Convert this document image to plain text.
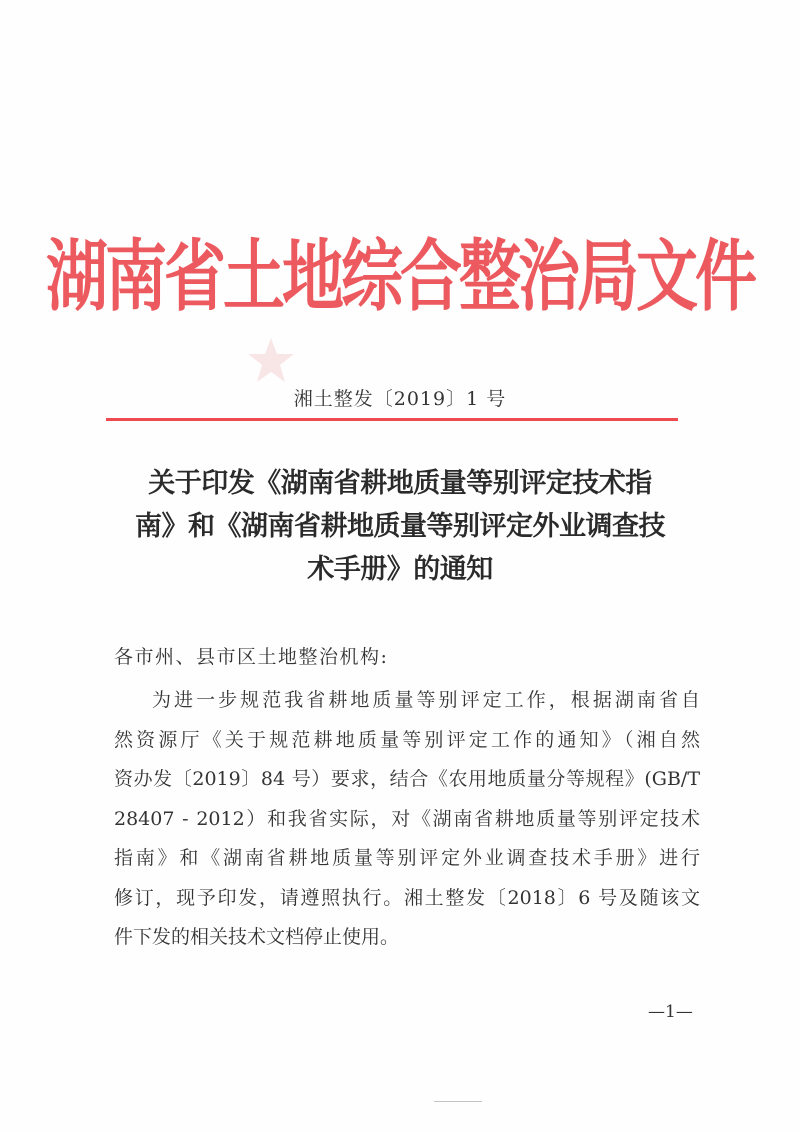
湖南省土地综合整治局文件
湘土整发〔2019〕1 号
关于印发《湖南省耕地质量等别评定技术指
南》和《湖南省耕地质量等别评定外业调查技
术手册》的通知
各市州、县市区土地整治机构:
为进一步规范我省耕地质量等别评定工作，根据湖南省自
然资源厅《关于规范耕地质量等别评定工作的通知》（湘自然
资办发〔2019〕84 号）要求，结合《农用地质量分等规程》(GB/T
28407 - 2012）和我省实际，对《湖南省耕地质量等别评定技术
指南》和《湖南省耕地质量等别评定外业调查技术手册》进行
修订，现予印发，请遵照执行。湘土整发〔2018〕6 号及随该文
件下发的相关技术文档停止使用。
—1—
